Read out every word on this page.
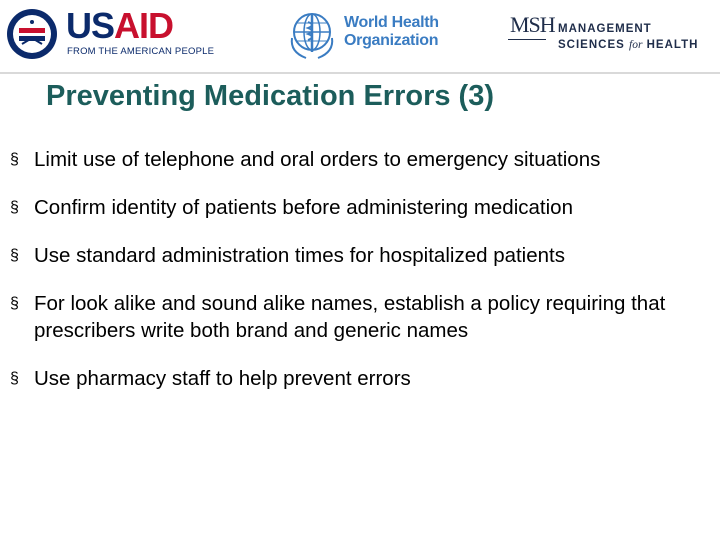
USAID
FROM THE AMERICAN PEOPLE
World Health
Organization
MSH MANAGEMENT
SCIENCES for HEALTH
Preventing Medication Errors (3)
§ Limit use of telephone and oral orders to emergency situations
§ Confirm identity of patients before administering medication
§ Use standard administration times for hospitalized patients
§ For look alike and sound alike names, establish a policy requiring that prescribers write both brand and generic names
§ Use pharmacy staff to help prevent errors
